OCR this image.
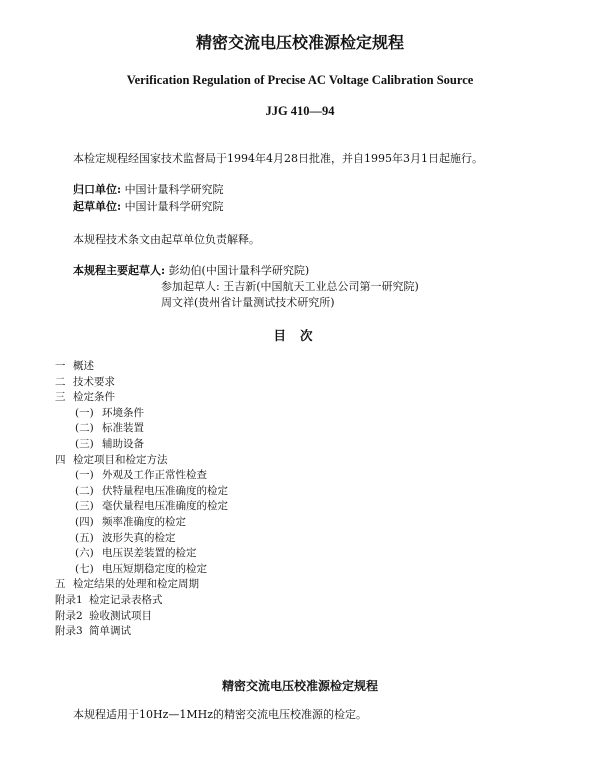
精密交流电压校准源检定规程
Verification Regulation of Precise AC Voltage Calibration Source
JJG 410—94
本检定规程经国家技术监督局于1994年4月28日批准，并自1995年3月1日起施行。
归口单位: 中国计量科学研究院
起草单位: 中国计量科学研究院
本规程技术条文由起草单位负责解释。
本规程主要起草人: 彭幼伯(中国计量科学研究院)
参加起草人: 王吉新(中国航天工业总公司第一研究院)
周文祥(贵州省计量测试技术研究所)
目次
一 概述
二 技术要求
三 检定条件
(一) 环境条件
(二) 标准装置
(三) 辅助设备
四 检定项目和检定方法
(一) 外观及工作正常性检查
(二) 伏特量程电压准确度的检定
(三) 毫伏量程电压准确度的检定
(四) 频率准确度的检定
(五) 波形失真的检定
(六) 电压误差装置的检定
(七) 电压短期稳定度的检定
五 检定结果的处理和检定周期
附录1 检定记录表格式
附录2 验收测试项目
附录3 简单调试
精密交流电压校准源检定规程
本规程适用于10Hz—1MHz的精密交流电压校准源的检定。
